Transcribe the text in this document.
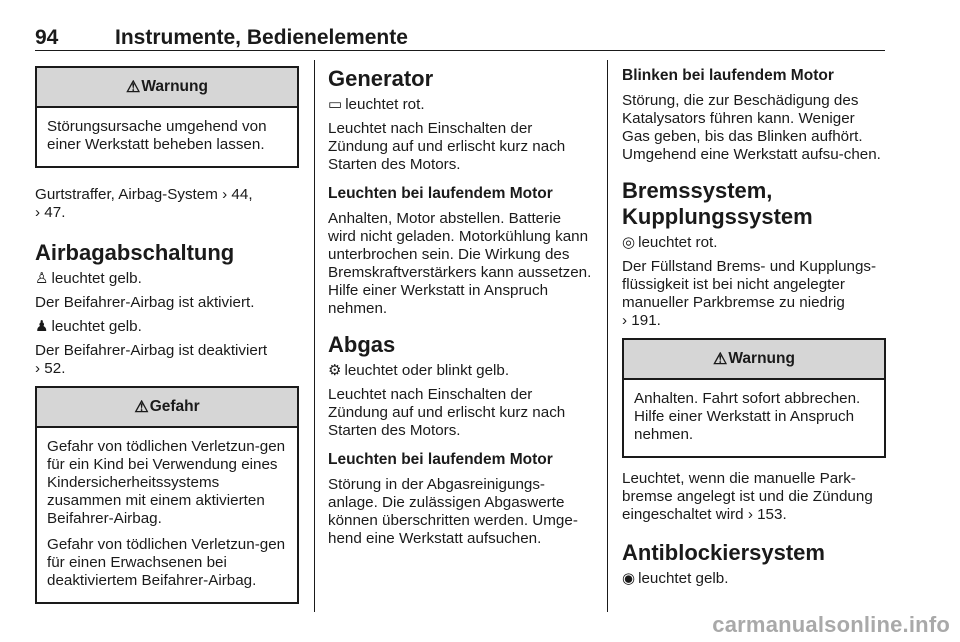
94	Instrumente, Bedienelemente
⚠ Warnung

Störungsursache umgehend von einer Werkstatt beheben lassen.

Gurtstraffer, Airbag-System › 44,
› 47.

Airbagabschaltung

♙ leuchtet gelb.

Der Beifahrer-Airbag ist aktiviert.

♟ leuchtet gelb.

Der Beifahrer-Airbag ist deaktiviert
› 52.

⚠ Gefahr

Gefahr von tödlichen Verletzun-gen für ein Kind bei Verwendung eines Kindersicherheitssystems zusammen mit einem aktivierten Beifahrer-Airbag.

Gefahr von tödlichen Verletzun-gen für einen Erwachsenen bei deaktiviertem Beifahrer-Airbag.

Generator

▭ leuchtet rot.

Leuchtet nach Einschalten der Zündung auf und erlischt kurz nach Starten des Motors.

Leuchten bei laufendem Motor

Anhalten, Motor abstellen. Batterie wird nicht geladen. Motorkühlung kann unterbrochen sein. Die Wirkung des Bremskraftverstärkers kann aussetzen. Hilfe einer Werkstatt in Anspruch nehmen.

Abgas

⚙ leuchtet oder blinkt gelb.

Leuchtet nach Einschalten der Zündung auf und erlischt kurz nach Starten des Motors.

Leuchten bei laufendem Motor

Störung in der Abgasreinigungs-anlage. Die zulässigen Abgaswerte können überschritten werden. Umge-hend eine Werkstatt aufsuchen.

Blinken bei laufendem Motor

Störung, die zur Beschädigung des Katalysators führen kann. Weniger Gas geben, bis das Blinken aufhört. Umgehend eine Werkstatt aufsu-chen.

Bremssystem,
Kupplungssystem

◎ leuchtet rot.

Der Füllstand Brems- und Kupplungs-flüssigkeit ist bei nicht angelegter manueller Parkbremse zu niedrig
› 191.

⚠ Warnung

Anhalten. Fahrt sofort abbrechen. Hilfe einer Werkstatt in Anspruch nehmen.

Leuchtet, wenn die manuelle Park-bremse angelegt ist und die Zündung eingeschaltet wird › 153.

Antiblockiersystem

◉ leuchtet gelb.

carmanualsonline.info
